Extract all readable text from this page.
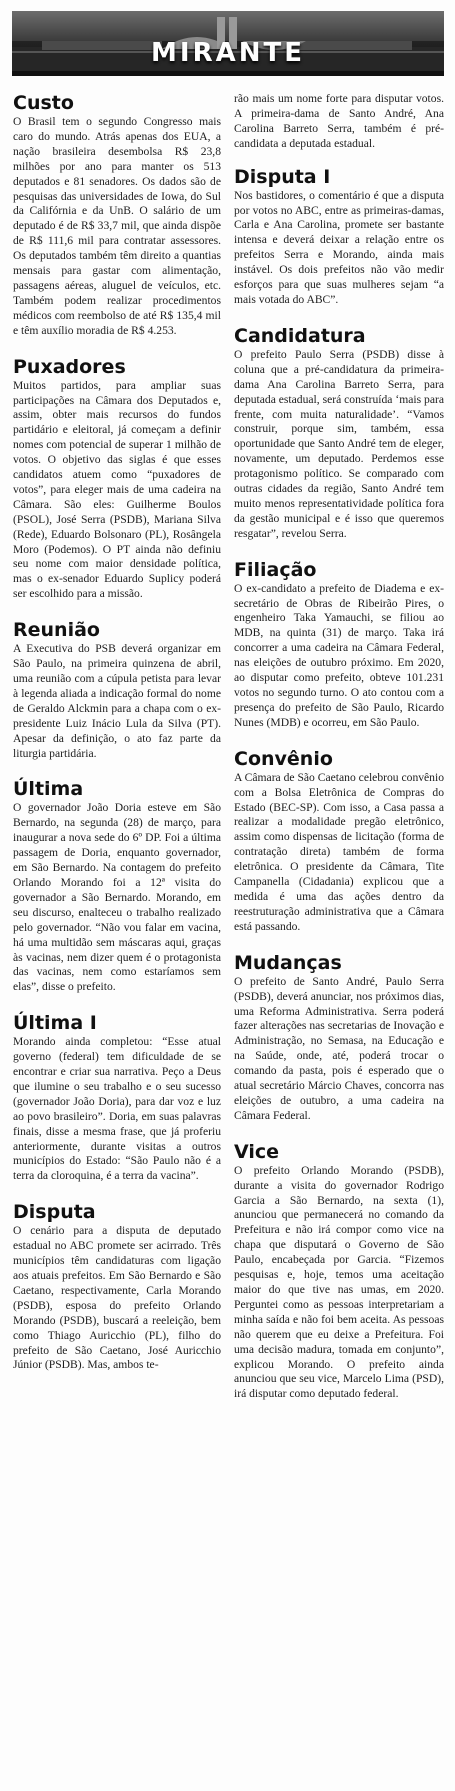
MIRANTE
Custo

O Brasil tem o segundo Congresso mais caro do mundo. Atrás apenas dos EUA, a nação brasileira desembolsa R$ 23,8 milhões por ano para manter os 513 deputados e 81 senadores. Os dados são de pesquisas das universidades de Iowa, do Sul da Califórnia e da UnB. O salário de um deputado é de R$ 33,7 mil, que ainda dispõe de R$ 111,6 mil para contratar assessores. Os deputados também têm direito a quantias mensais para gastar com alimentação, passagens aéreas, aluguel de veículos, etc. Também podem realizar procedimentos médicos com reembolso de até R$ 135,4 mil e têm auxílio moradia de R$ 4.253.

Puxadores

Muitos partidos, para ampliar suas participações na Câmara dos Deputados e, assim, obter mais recursos do fundos partidário e eleitoral, já começam a definir nomes com potencial de superar 1 milhão de votos. O objetivo das siglas é que esses candidatos atuem como “puxadores de votos”, para eleger mais de uma cadeira na Câmara. São eles: Guilherme Boulos (PSOL), José Serra (PSDB), Mariana Silva (Rede), Eduardo Bolsonaro (PL), Rosângela Moro (Podemos). O PT ainda não definiu seu nome com maior densidade política, mas o ex-senador Eduardo Suplicy poderá ser escolhido para a missão.

Reunião

A Executiva do PSB deverá organizar em São Paulo, na primeira quinzena de abril, uma reunião com a cúpula petista para levar à legenda aliada a indicação formal do nome de Geraldo Alckmin para a chapa com o ex-presidente Luiz Inácio Lula da Silva (PT). Apesar da definição, o ato faz parte da liturgia partidária.

Última

O governador João Doria esteve em São Bernardo, na segunda (28) de março, para inaugurar a nova sede do 6º DP. Foi a última passagem de Doria, enquanto governador, em São Bernardo. Na contagem do prefeito Orlando Morando foi a 12ª visita do governador a São Bernardo. Morando, em seu discurso, enalteceu o trabalho realizado pelo governador. “Não vou falar em vacina, há uma multidão sem máscaras aqui, graças às vacinas, nem dizer quem é o protagonista das vacinas, nem como estaríamos sem elas”, disse o prefeito.

Última I

Morando ainda completou: “Esse atual governo (federal) tem dificuldade de se encontrar e criar sua narrativa. Peço a Deus que ilumine o seu trabalho e o seu sucesso (governador João Doria), para dar voz e luz ao povo brasileiro”. Doria, em suas palavras finais, disse a mesma frase, que já proferiu anteriormente, durante visitas a outros municípios do Estado: “São Paulo não é a terra da cloroquina, é a terra da vacina”.

Disputa

O cenário para a disputa de deputado estadual no ABC promete ser acirrado. Três municípios têm candidaturas com ligação aos atuais prefeitos. Em São Bernardo e São Caetano, respectivamente, Carla Morando (PSDB), esposa do prefeito Orlando Morando (PSDB), buscará a reeleição, bem como Thiago Auricchio (PL), filho do prefeito de São Caetano, José Auricchio Júnior (PSDB). Mas, ambos te-

rão mais um nome forte para disputar votos. A primeira-dama de Santo André, Ana Carolina Barreto Serra, também é pré-candidata a deputada estadual.

Disputa I

Nos bastidores, o comentário é que a disputa por votos no ABC, entre as primeiras-damas, Carla e Ana Carolina, promete ser bastante intensa e deverá deixar a relação entre os prefeitos Serra e Morando, ainda mais instável. Os dois prefeitos não vão medir esforços para que suas mulheres sejam “a mais votada do ABC”.

Candidatura

O prefeito Paulo Serra (PSDB) disse à coluna que a pré-candidatura da primeira-dama Ana Carolina Barreto Serra, para deputada estadual, será construída ‘mais para frente, com muita naturalidade’. “Vamos construir, porque sim, também, essa oportunidade que Santo André tem de eleger, novamente, um deputado. Perdemos esse protagonismo político. Se comparado com outras cidades da região, Santo André tem muito menos representatividade política fora da gestão municipal e é isso que queremos resgatar”, revelou Serra.

Filiação

O ex-candidato a prefeito de Diadema e ex-secretário de Obras de Ribeirão Pires, o engenheiro Taka Yamauchi, se filiou ao MDB, na quinta (31) de março. Taka irá concorrer a uma cadeira na Câmara Federal, nas eleições de outubro próximo. Em 2020, ao disputar como prefeito, obteve 101.231 votos no segundo turno. O ato contou com a presença do prefeito de São Paulo, Ricardo Nunes (MDB) e ocorreu, em São Paulo.

Convênio

A Câmara de São Caetano celebrou convênio com a Bolsa Eletrônica de Compras do Estado (BEC-SP). Com isso, a Casa passa a realizar a modalidade pregão eletrônico, assim como dispensas de licitação (forma de contratação direta) também de forma eletrônica. O presidente da Câmara, Tite Campanella (Cidadania) explicou que a medida é uma das ações dentro da reestruturação administrativa que a Câmara está passando.

Mudanças

O prefeito de Santo André, Paulo Serra (PSDB), deverá anunciar, nos próximos dias, uma Reforma Administrativa. Serra poderá fazer alterações nas secretarias de Inovação e Administração, no Semasa, na Educação e na Saúde, onde, até, poderá trocar o comando da pasta, pois é esperado que o atual secretário Márcio Chaves, concorra nas eleições de outubro, a uma cadeira na Câmara Federal.

Vice

O prefeito Orlando Morando (PSDB), durante a visita do governador Rodrigo Garcia a São Bernardo, na sexta (1), anunciou que permanecerá no comando da Prefeitura e não irá compor como vice na chapa que disputará o Governo de São Paulo, encabeçada por Garcia. “Fizemos pesquisas e, hoje, temos uma aceitação maior do que tive nas umas, em 2020. Perguntei como as pessoas interpretariam a minha saída e não foi bem aceita. As pessoas não querem que eu deixe a Prefeitura. Foi uma decisão madura, tomada em conjunto”, explicou Morando. O prefeito ainda anunciou que seu vice, Marcelo Lima (PSD), irá disputar como deputado federal.
